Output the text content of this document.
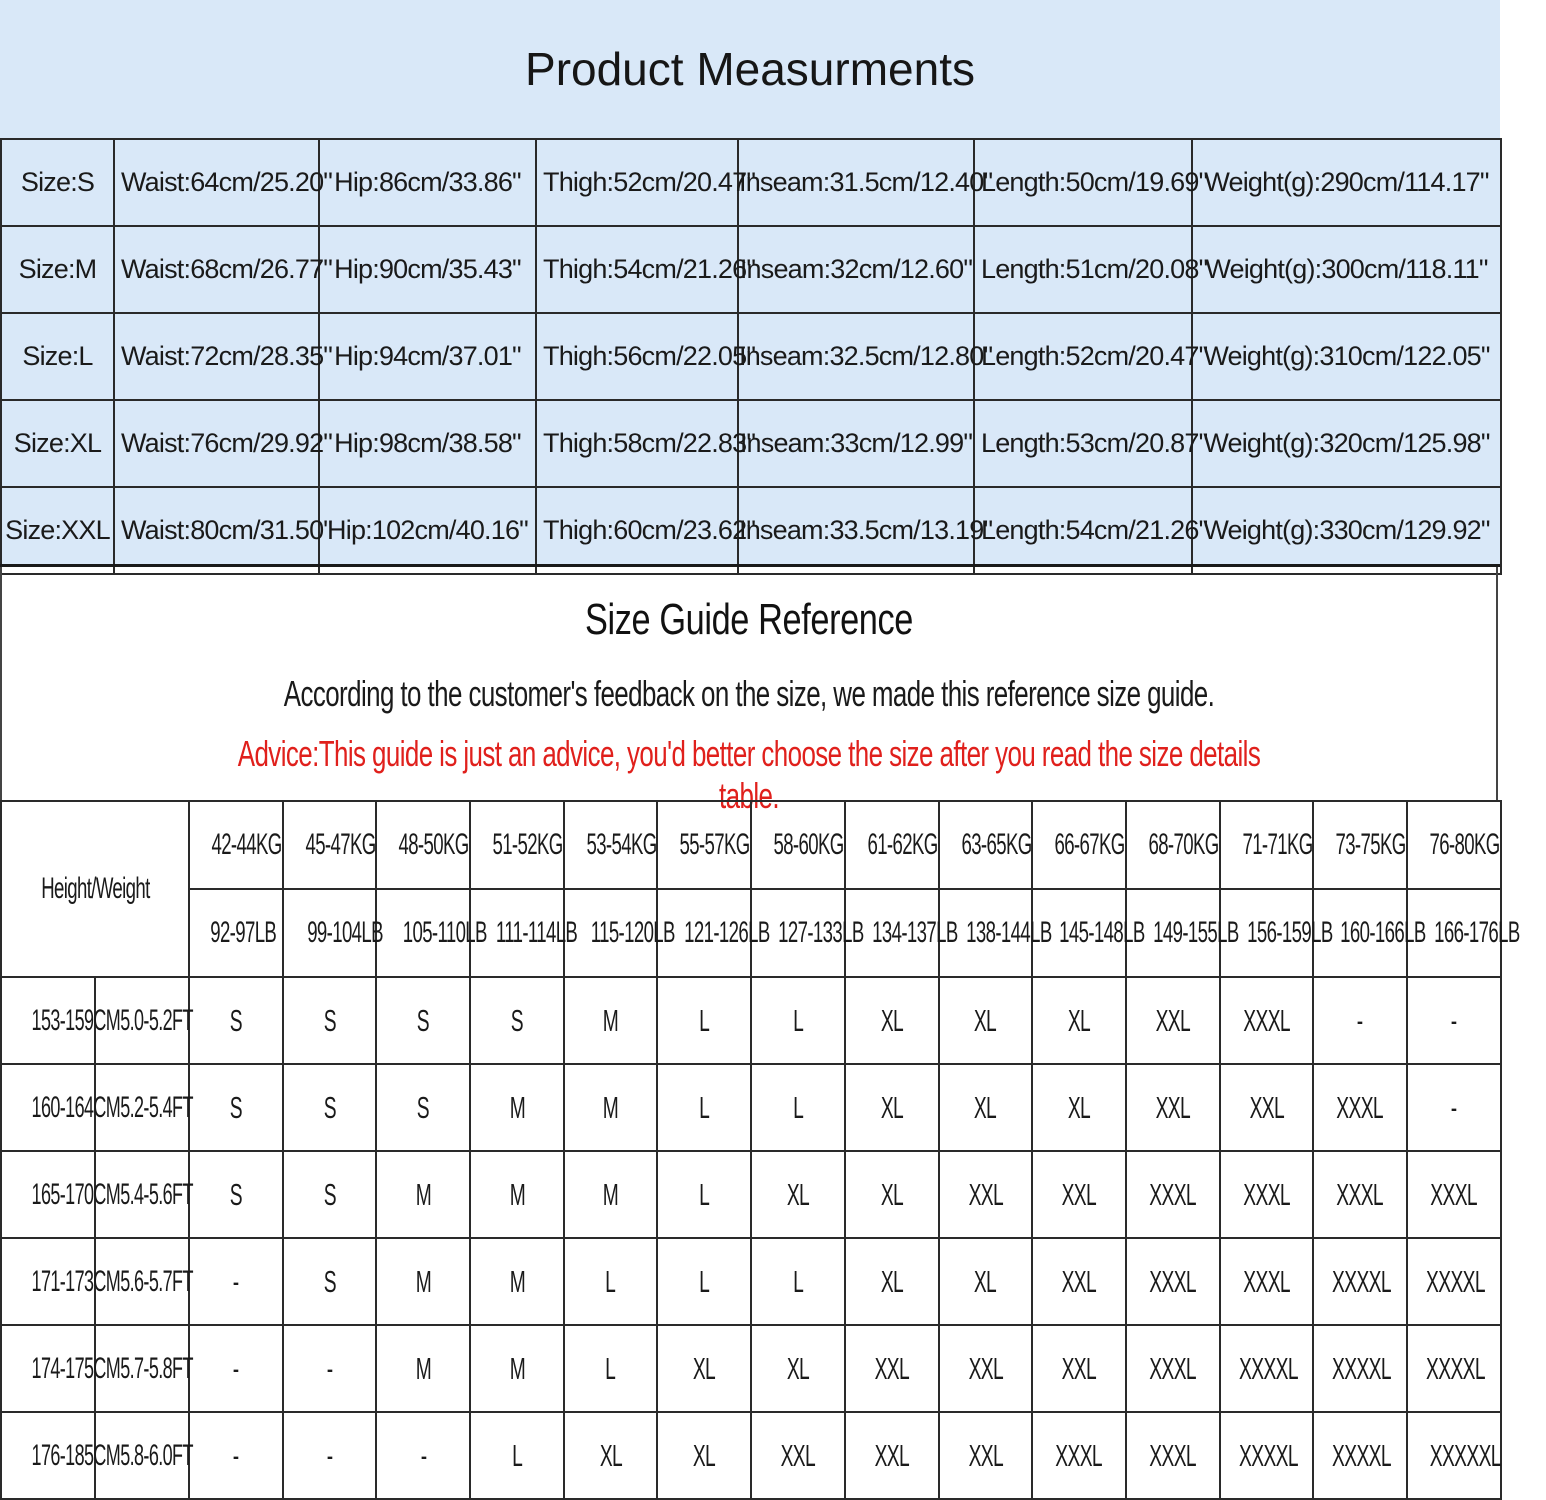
Product Measurments
Size:S	Waist:64cm/25.20"	Hip:86cm/33.86"	Thigh:52cm/20.47"	Inseam:31.5cm/12.40"	Length:50cm/19.69"	Weight(g):290cm/114.17"
Size:M	Waist:68cm/26.77"	Hip:90cm/35.43"	Thigh:54cm/21.26"	Inseam:32cm/12.60"	Length:51cm/20.08"	Weight(g):300cm/118.11"
Size:L	Waist:72cm/28.35"	Hip:94cm/37.01"	Thigh:56cm/22.05"	Inseam:32.5cm/12.80"	Length:52cm/20.47"	Weight(g):310cm/122.05"
Size:XL	Waist:76cm/29.92"	Hip:98cm/38.58"	Thigh:58cm/22.83"	Inseam:33cm/12.99"	Length:53cm/20.87"	Weight(g):320cm/125.98"
Size:XXL	Waist:80cm/31.50"	Hip:102cm/40.16"	Thigh:60cm/23.62"	Inseam:33.5cm/13.19"	Length:54cm/21.26"	Weight(g):330cm/129.92"
Size Guide Reference
According to the customer's feedback on the size, we made this reference size guide.
Advice:This guide is just an advice, you'd better choose the size after you read the size details table.
Height/Weight		42-44KG	45-47KG	48-50KG	51-52KG	53-54KG	55-57KG	58-60KG	61-62KG	63-65KG	66-67KG	68-70KG	71-71KG	73-75KG	76-80KG
		92-97LB	99-104LB	105-110LB	111-114LB	115-120LB	121-126LB	127-133LB	134-137LB	138-144LB	145-148LB	149-155LB	156-159LB	160-166LB	166-176LB
153-159CM	5.0-5.2FT	S	S	S	S	M	L	L	XL	XL	XL	XXL	XXXL	-	-
160-164CM	5.2-5.4FT	S	S	S	M	M	L	L	XL	XL	XL	XXL	XXL	XXXL	-
165-170CM	5.4-5.6FT	S	S	M	M	M	L	XL	XL	XXL	XXL	XXXL	XXXL	XXXL	XXXL
171-173CM	5.6-5.7FT	-	S	M	M	L	L	L	XL	XL	XXL	XXXL	XXXL	XXXXL	XXXXL
174-175CM	5.7-5.8FT	-	-	M	M	L	XL	XL	XXL	XXL	XXL	XXXL	XXXXL	XXXXL	XXXXL
176-185CM	5.8-6.0FT	-	-	-	L	XL	XL	XXL	XXL	XXL	XXXL	XXXL	XXXXL	XXXXL	XXXXXL
